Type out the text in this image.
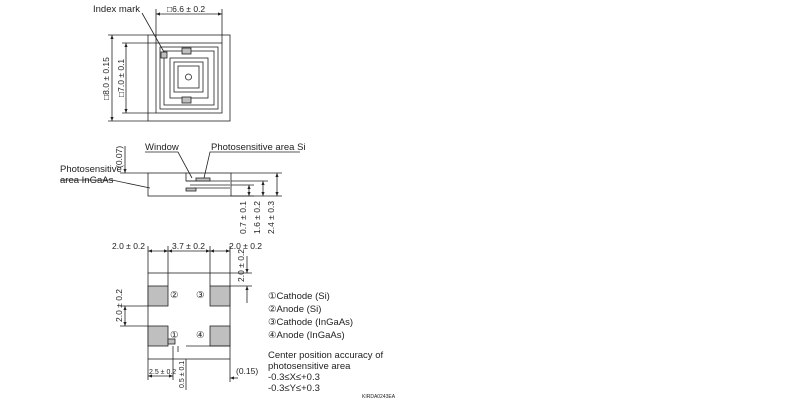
Index mark	□6.6 ± 0.2
□8.0 ± 0.15 □7.0 ± 0.1
Window	Photosensitive area Si
Photosensitive
area InGaAs
(0.07)
0.7 ± 0.1 1.6 ± 0.2 2.4 ± 0.3
2.0 ± 0.2	3.7 ± 0.2	2.0 ± 0.2
2.0 ± 0.2
2.0 ± 0.2
2.5 ± 0.2 0.5 ± 0.1	(0.15)
② ③
① ④
①Cathode (Si)
②Anode (Si)
③Cathode (InGaAs)
④Anode (InGaAs)
Center position accuracy of
photosensitive area
-0.3≤X≤+0.3
-0.3≤Y≤+0.3
KIRDA0243EA
